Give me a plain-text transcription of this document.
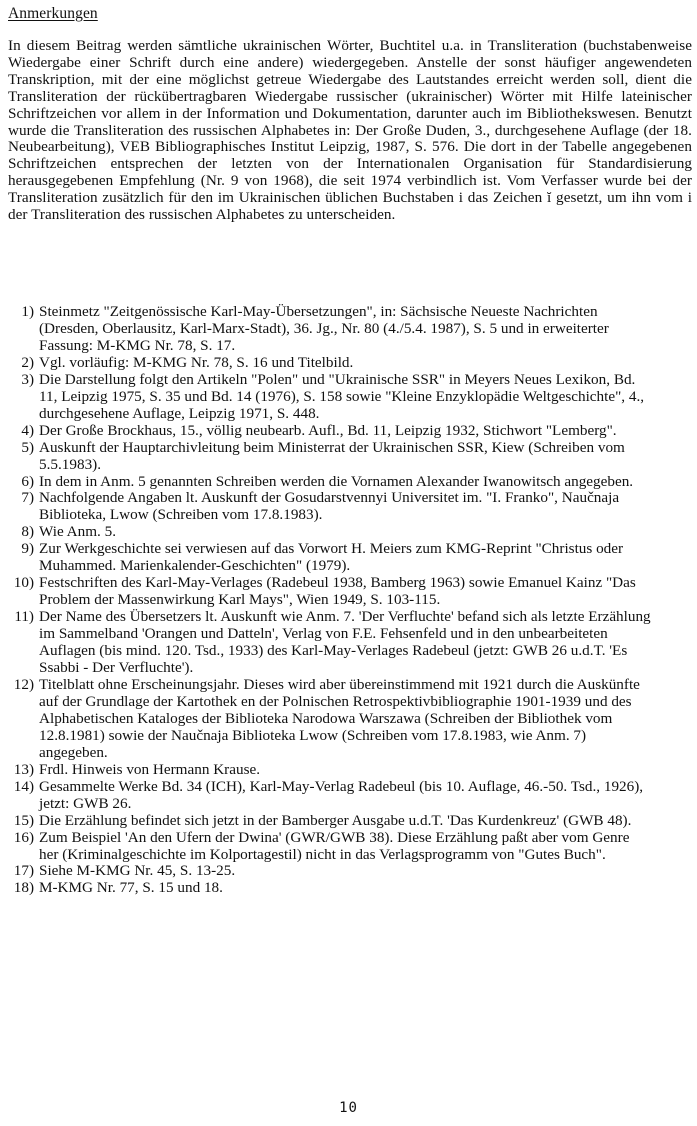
Anmerkungen

In diesem Beitrag werden sämtliche ukrainischen Wörter, Buchtitel u.a. in Transliteration (buchstabenweise Wiedergabe einer Schrift durch eine andere) wiedergegeben. Anstelle der sonst häufiger angewendeten Transkription, mit der eine möglichst getreue Wiedergabe des Lautstandes erreicht werden soll, dient die Transliteration der rückübertragbaren Wiedergabe russischer (ukrainischer) Wörter mit Hilfe lateinischer Schriftzeichen vor allem in der Information und Dokumentation, darunter auch im Bibliothekswesen. Benutzt wurde die Transliteration des russischen Alphabetes in: Der Große Duden, 3., durchgesehene Auflage (der 18. Neubearbeitung), VEB Bibliographisches Institut Leipzig, 1987, S. 576. Die dort in der Tabelle angegebenen Schriftzeichen entsprechen der letzten von der Internationalen Organisation für Standardisierung herausgegebenen Empfehlung (Nr. 9 von 1968), die seit 1974 verbindlich ist. Vom Verfasser wurde bei der Transliteration zusätzlich für den im Ukrainischen üblichen Buchstaben i das Zeichen ĭ gesetzt, um ihn vom i der Transliteration des russischen Alphabetes zu unterscheiden.

1) Steinmetz "Zeitgenössische Karl-May-Übersetzungen", in: Sächsische Neueste Nachrichten (Dresden, Oberlausitz, Karl-Marx-Stadt), 36. Jg., Nr. 80 (4./5.4. 1987), S. 5 und in erweiterter Fassung: M-KMG Nr. 78, S. 17.
2) Vgl. vorläufig: M-KMG Nr. 78, S. 16 und Titelbild.
3) Die Darstellung folgt den Artikeln "Polen" und "Ukrainische SSR" in Meyers Neues Lexikon, Bd. 11, Leipzig 1975, S. 35 und Bd. 14 (1976), S. 158 sowie "Kleine Enzyklopädie Weltgeschichte", 4., durchgesehene Auflage, Leipzig 1971, S. 448.
4) Der Große Brockhaus, 15., völlig neubearb. Aufl., Bd. 11, Leipzig 1932, Stichwort "Lemberg".
5) Auskunft der Hauptarchivleitung beim Ministerrat der Ukrainischen SSR, Kiew (Schreiben vom 5.5.1983).
6) In dem in Anm. 5 genannten Schreiben werden die Vornamen Alexander Iwanowitsch angegeben.
7) Nachfolgende Angaben lt. Auskunft der Gosudarstvennyi Universitet im. "I. Franko", Naučnaja Biblioteka, Lwow (Schreiben vom 17.8.1983).
8) Wie Anm. 5.
9) Zur Werkgeschichte sei verwiesen auf das Vorwort H. Meiers zum KMG-Reprint "Christus oder Muhammed. Marienkalender-Geschichten" (1979).
10) Festschriften des Karl-May-Verlages (Radebeul 1938, Bamberg 1963) sowie Emanuel Kainz "Das Problem der Massenwirkung Karl Mays", Wien 1949, S. 103-115.
11) Der Name des Übersetzers lt. Auskunft wie Anm. 7. 'Der Verfluchte' befand sich als letzte Erzählung im Sammelband 'Orangen und Datteln', Verlag von F.E. Fehsenfeld und in den unbearbeiteten Auflagen (bis mind. 120. Tsd., 1933) des Karl-May-Verlages Radebeul (jetzt: GWB 26 u.d.T. 'Es Ssabbi - Der Verfluchte').
12) Titelblatt ohne Erscheinungsjahr. Dieses wird aber übereinstimmend mit 1921 durch die Auskünfte auf der Grundlage der Kartothek en der Polnischen Retrospektivbibliographie 1901-1939 und des Alphabetischen Kataloges der Biblioteka Narodowa Warszawa (Schreiben der Bibliothek vom 12.8.1981) sowie der Naučnaja Biblioteka Lwow (Schreiben vom 17.8.1983, wie Anm. 7) angegeben.
13) Frdl. Hinweis von Hermann Krause.
14) Gesammelte Werke Bd. 34 (ICH), Karl-May-Verlag Radebeul (bis 10. Auflage, 46.-50. Tsd., 1926), jetzt: GWB 26.
15) Die Erzählung befindet sich jetzt in der Bamberger Ausgabe u.d.T. 'Das Kurdenkreuz' (GWB 48).
16) Zum Beispiel 'An den Ufern der Dwina' (GWR/GWB 38). Diese Erzählung paßt aber vom Genre her (Kriminalgeschichte im Kolportagestil) nicht in das Verlagsprogramm von "Gutes Buch".
17) Siehe M-KMG Nr. 45, S. 13-25.
18) M-KMG Nr. 77, S. 15 und 18.
10
